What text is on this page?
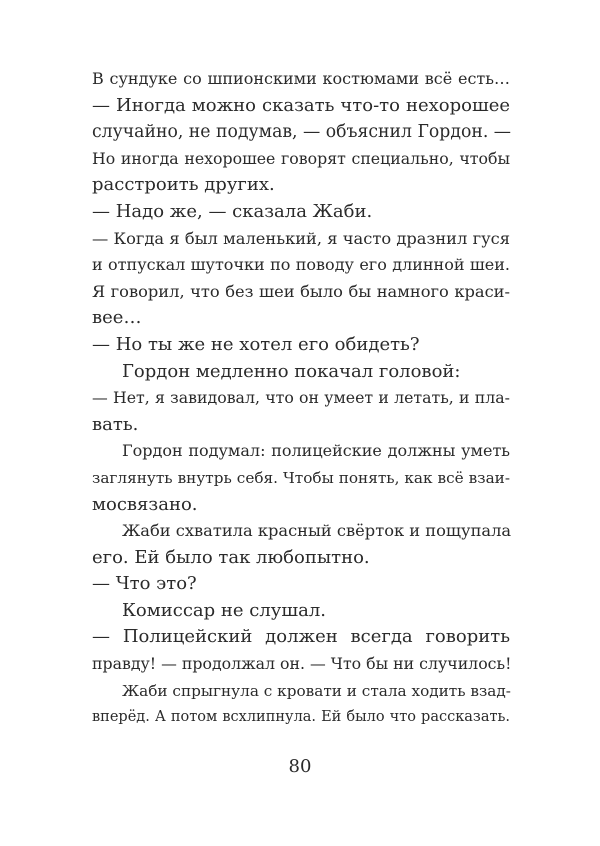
В сундуке со шпионскими костюмами всё есть…
— Иногда можно сказать что-то нехорошее
случайно, не подумав, — объяснил Гордон. —
Но иногда нехорошее говорят специально, чтобы
расстроить других.
— Надо же, — сказала Жаби.
— Когда я был маленький, я часто дразнил гуся
и отпускал шуточки по поводу его длинной шеи.
Я говорил, что без шеи было бы намного краси-
вее…
— Но ты же не хотел его обидеть?
Гордон медленно покачал головой:
— Нет, я завидовал, что он умеет и летать, и пла-
вать.
Гордон подумал: полицейские должны уметь
заглянуть внутрь себя. Чтобы понять, как всё взаи-
мосвязано.
Жаби схватила красный свёрток и пощупала
его. Ей было так любопытно.
— Что это?
Комиссар не слушал.
— Полицейский должен всегда говорить
правду! — продолжал он. — Что бы ни случилось!
Жаби спрыгнула с кровати и стала ходить взад-
вперёд. А потом всхлипнула. Ей было что рассказать.
80
